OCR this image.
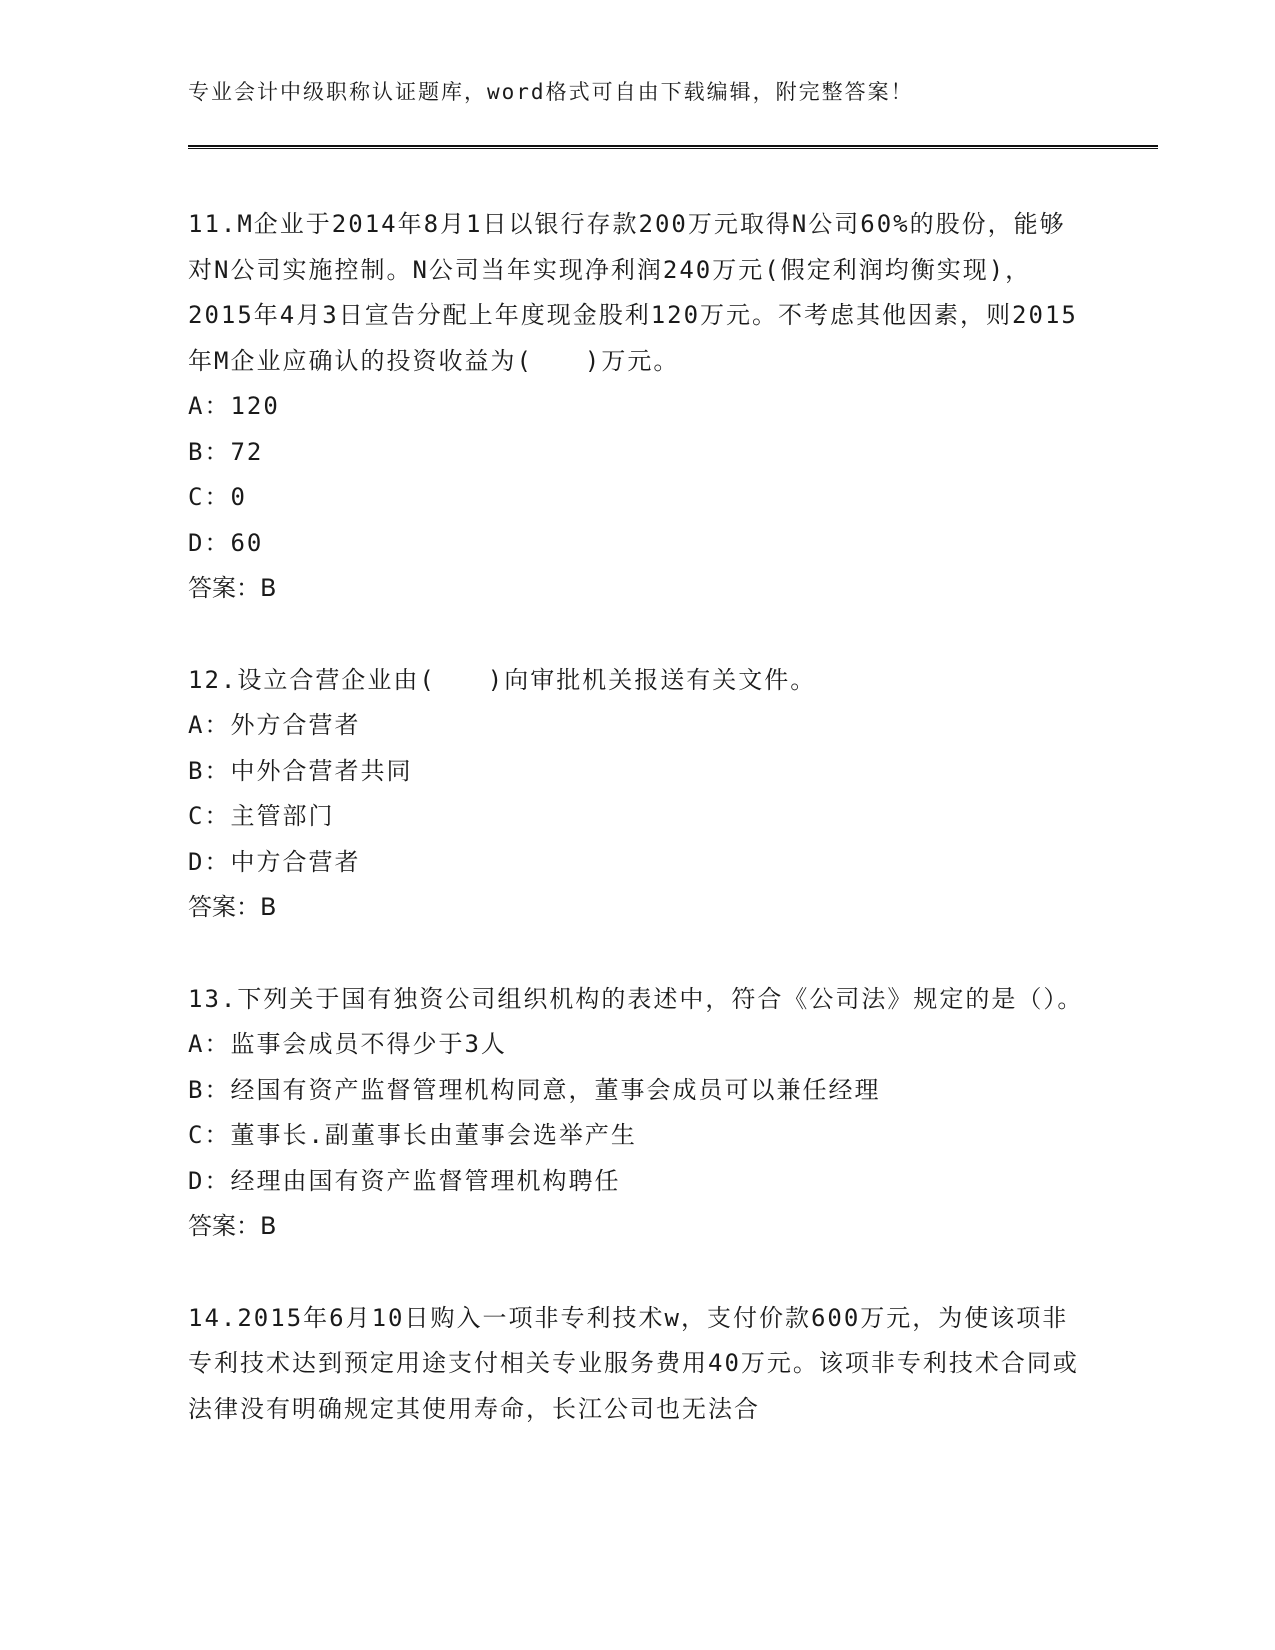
专业会计中级职称认证题库，word格式可自由下载编辑，附完整答案！

11.M企业于2014年8月1日以银行存款200万元取得N公司60%的股份，能够对N公司实施控制。N公司当年实现净利润240万元(假定利润均衡实现)，2015年4月3日宣告分配上年度现金股利120万元。不考虑其他因素，则2015年M企业应确认的投资收益为(　　)万元。

A：120
B：72
C：0
D：60
答案：B

12.设立合营企业由(　　)向审批机关报送有关文件。

A：外方合营者
B：中外合营者共同
C：主管部门
D：中方合营者
答案：B

13.下列关于国有独资公司组织机构的表述中，符合《公司法》规定的是（）。

A：监事会成员不得少于3人
B：经国有资产监督管理机构同意，董事会成员可以兼任经理
C：董事长.副董事长由董事会选举产生
D：经理由国有资产监督管理机构聘任
答案：B

14.2015年6月10日购入一项非专利技术w，支付价款600万元，为使该项非专利技术达到预定用途支付相关专业服务费用40万元。该项非专利技术合同或法律没有明确规定其使用寿命，长江公司也无法合
